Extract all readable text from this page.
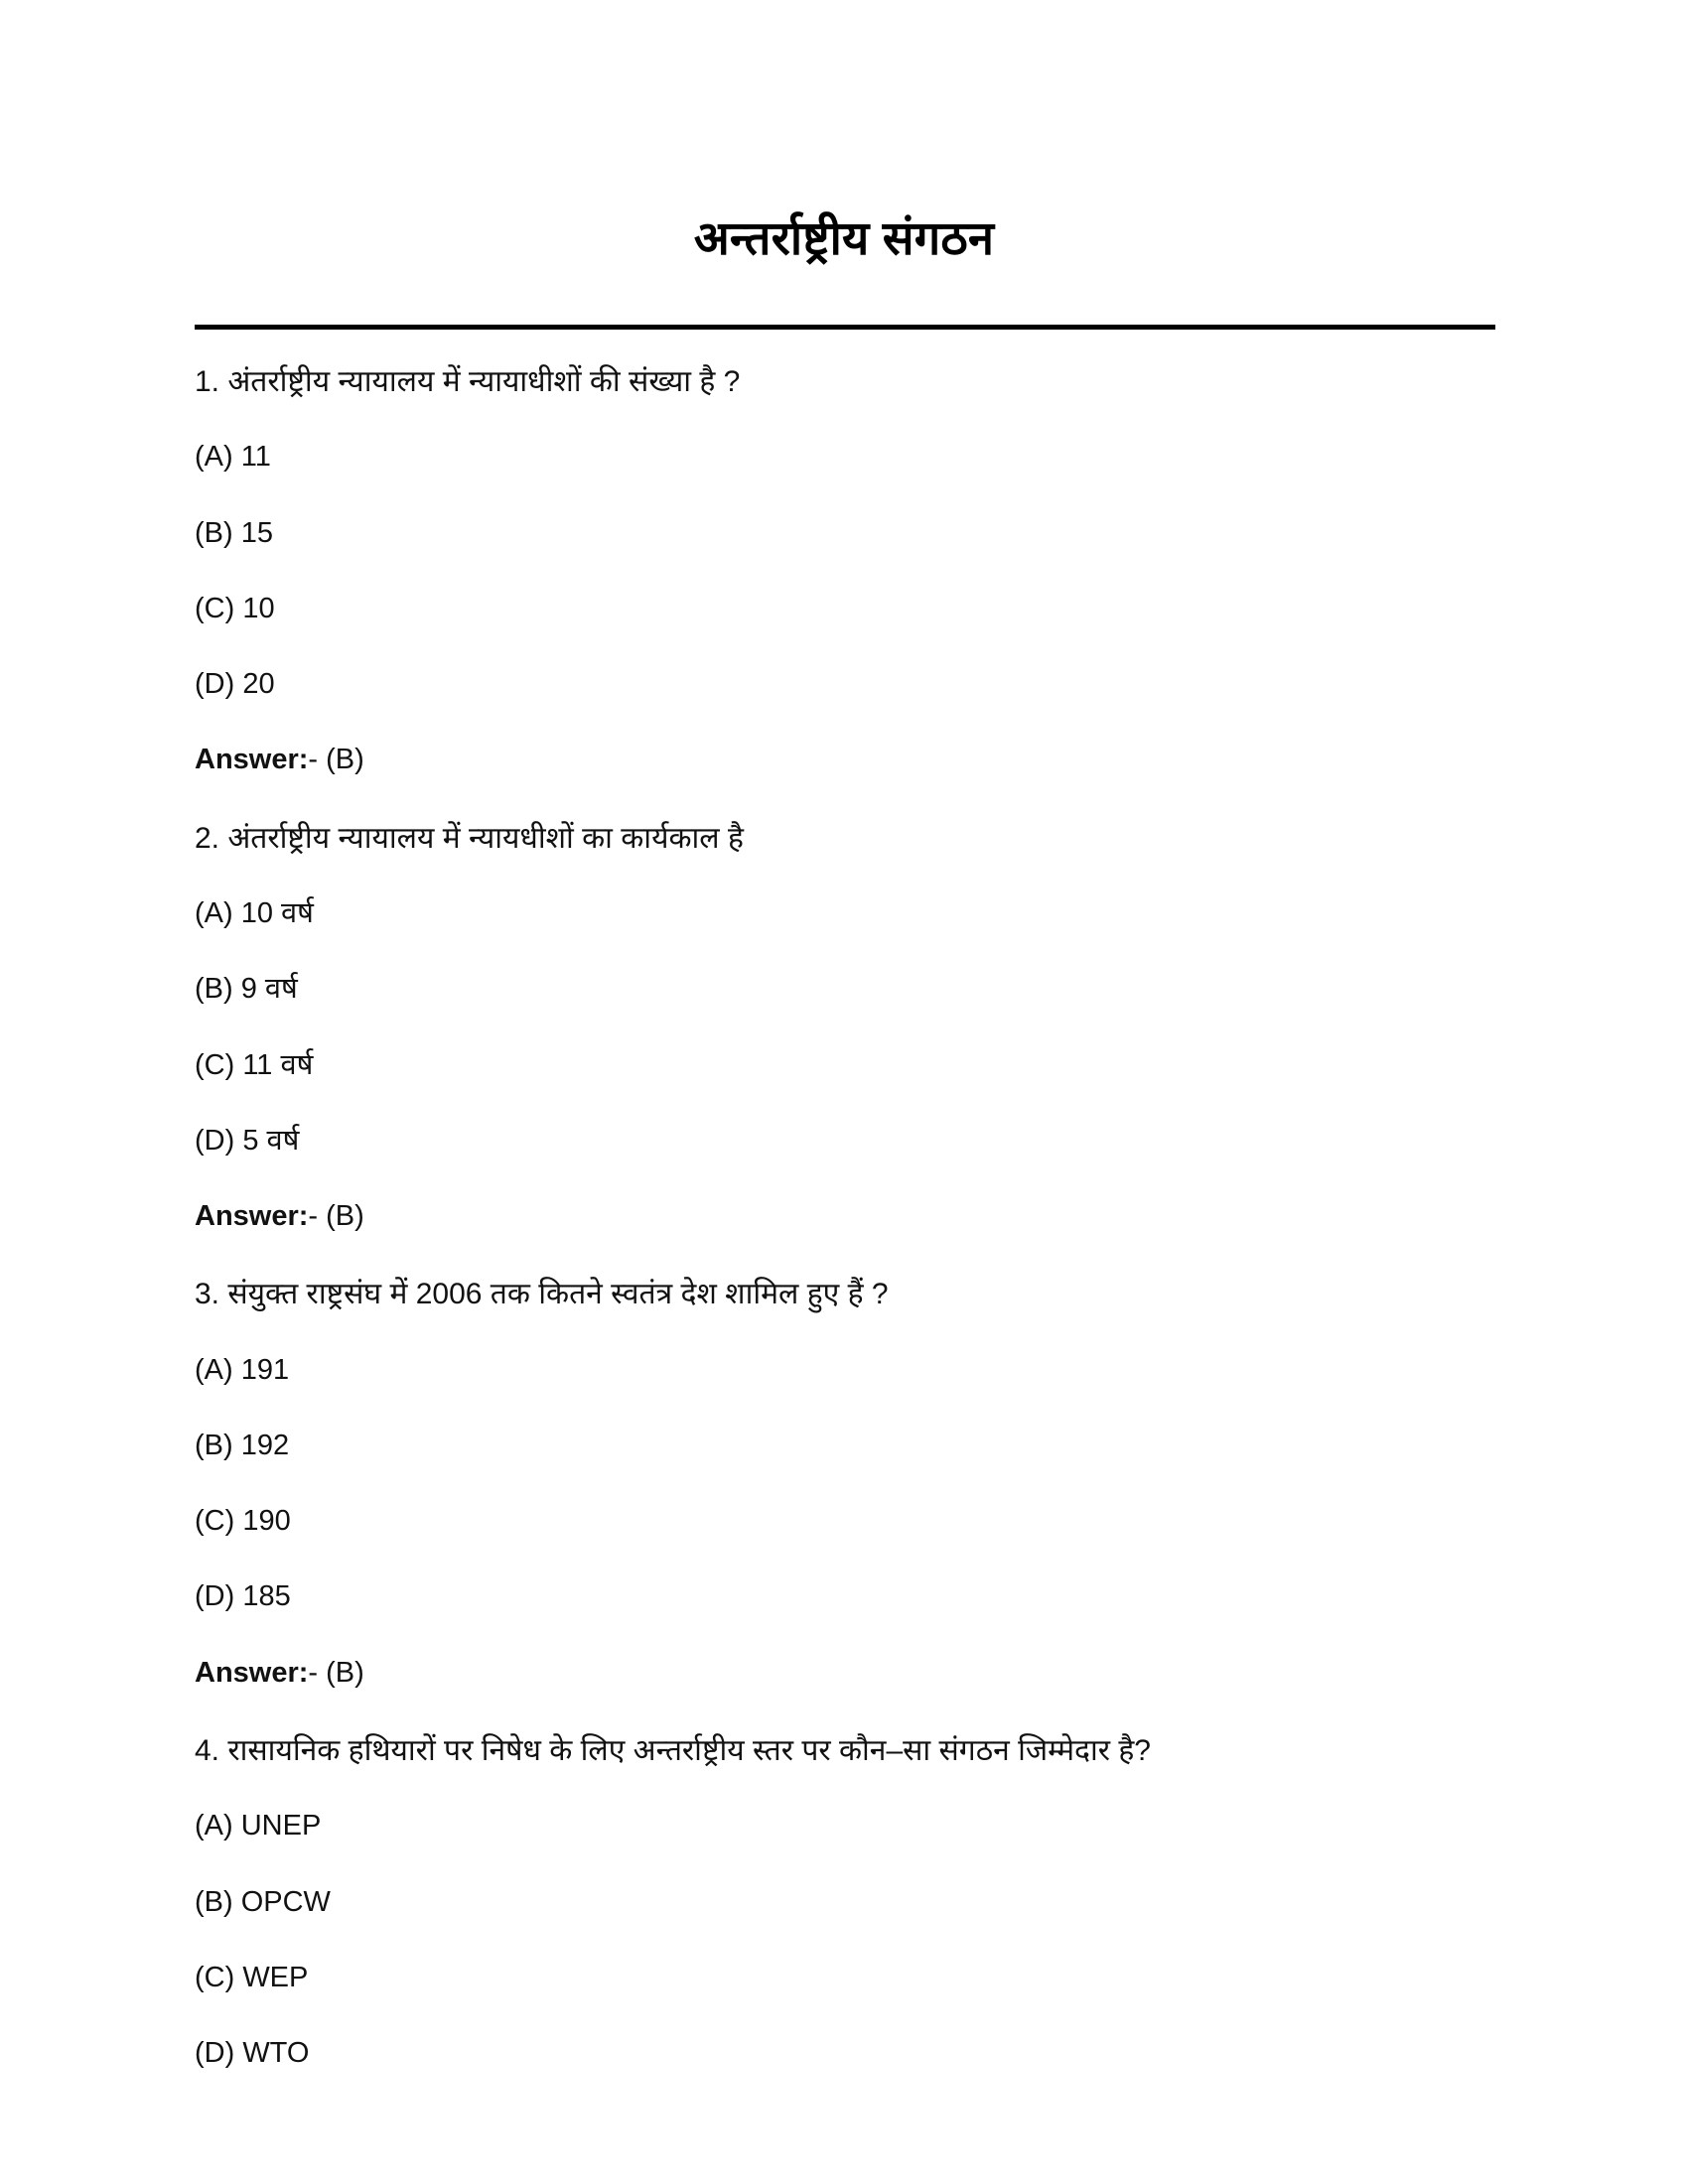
अन्तर्राष्ट्रीय संगठन

1. अंतर्राष्ट्रीय न्यायालय में न्यायाधीशों की संख्या है ?

(A) 11

(B) 15

(C) 10

(D) 20

Answer:- (B)

2. अंतर्राष्ट्रीय न्यायालय में न्यायधीशों का कार्यकाल है

(A) 10 वर्ष

(B) 9 वर्ष

(C) 11 वर्ष

(D) 5 वर्ष

Answer:- (B)

3. संयुक्त राष्ट्रसंघ में 2006 तक कितने स्वतंत्र देश शामिल हुए हैं ?

(A) 191

(B) 192

(C) 190

(D) 185

Answer:- (B)

4. रासायनिक हथियारों पर निषेध के लिए अन्तर्राष्ट्रीय स्तर पर कौन–सा संगठन जिम्मेदार है?

(A) UNEP

(B) OPCW

(C) WEP

(D) WTO
